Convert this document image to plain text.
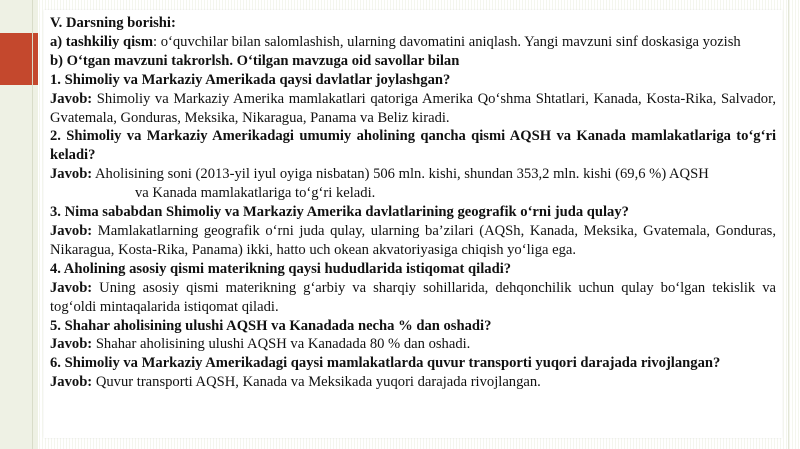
V. Darsning borishi:

a) tashkiliy qism: o‘quvchilar bilan salomlashish, ularning davomatini aniqlash. Yangi mavzuni sinf doskasiga yozish

b) O‘tgan mavzuni takrorlsh. O‘tilgan mavzuga oid savollar bilan

1. Shimoliy va Markaziy Amerikada qaysi davlatlar joylashgan?

Javob: Shimoliy va Markaziy Amerika mamlakatlari qatoriga Amerika Qo‘shma Shtatlari, Kanada, Kosta-Rika, Salvador, Gvatemala, Gonduras, Meksika, Nikaragua, Panama va Beliz kiradi.

2. Shimoliy va Markaziy Amerikadagi umumiy aholining qancha qismi AQSH va Kanada mamlakatlariga to‘g‘ri keladi?

Javob: Aholisining soni (2013-yil iyul oyiga nisbatan) 506 mln. kishi, shundan 353,2 mln. kishi (69,6 %) AQSH

va Kanada mamlakatlariga to‘g‘ri keladi.

3. Nima sababdan Shimoliy va Markaziy Amerika davlatlarining geografik o‘rni juda qulay?

Javob: Mamlakatlarning geografik o‘rni juda qulay, ularning ba’zilari (AQSh, Kanada, Meksika, Gvatemala, Gonduras, Nikaragua, Kosta-Rika, Panama) ikki, hatto uch okean akvatoriyasiga chiqish yo‘liga ega.

4. Aholining asosiy qismi materikning qaysi hududlarida istiqomat qiladi?

Javob: Uning asosiy qismi materikning g‘arbiy va sharqiy sohillarida, dehqonchilik uchun qulay bo‘lgan tekislik va tog‘oldi mintaqalarida istiqomat qiladi.

5. Shahar aholisining ulushi AQSH va Kanadada necha % dan oshadi?

Javob: Shahar aholisining ulushi AQSH va Kanadada 80 % dan oshadi.

6. Shimoliy va Markaziy Amerikadagi qaysi mamlakatlarda quvur transporti yuqori darajada rivojlangan?

Javob: Quvur transporti AQSH, Kanada va Meksikada yuqori darajada rivojlangan.
